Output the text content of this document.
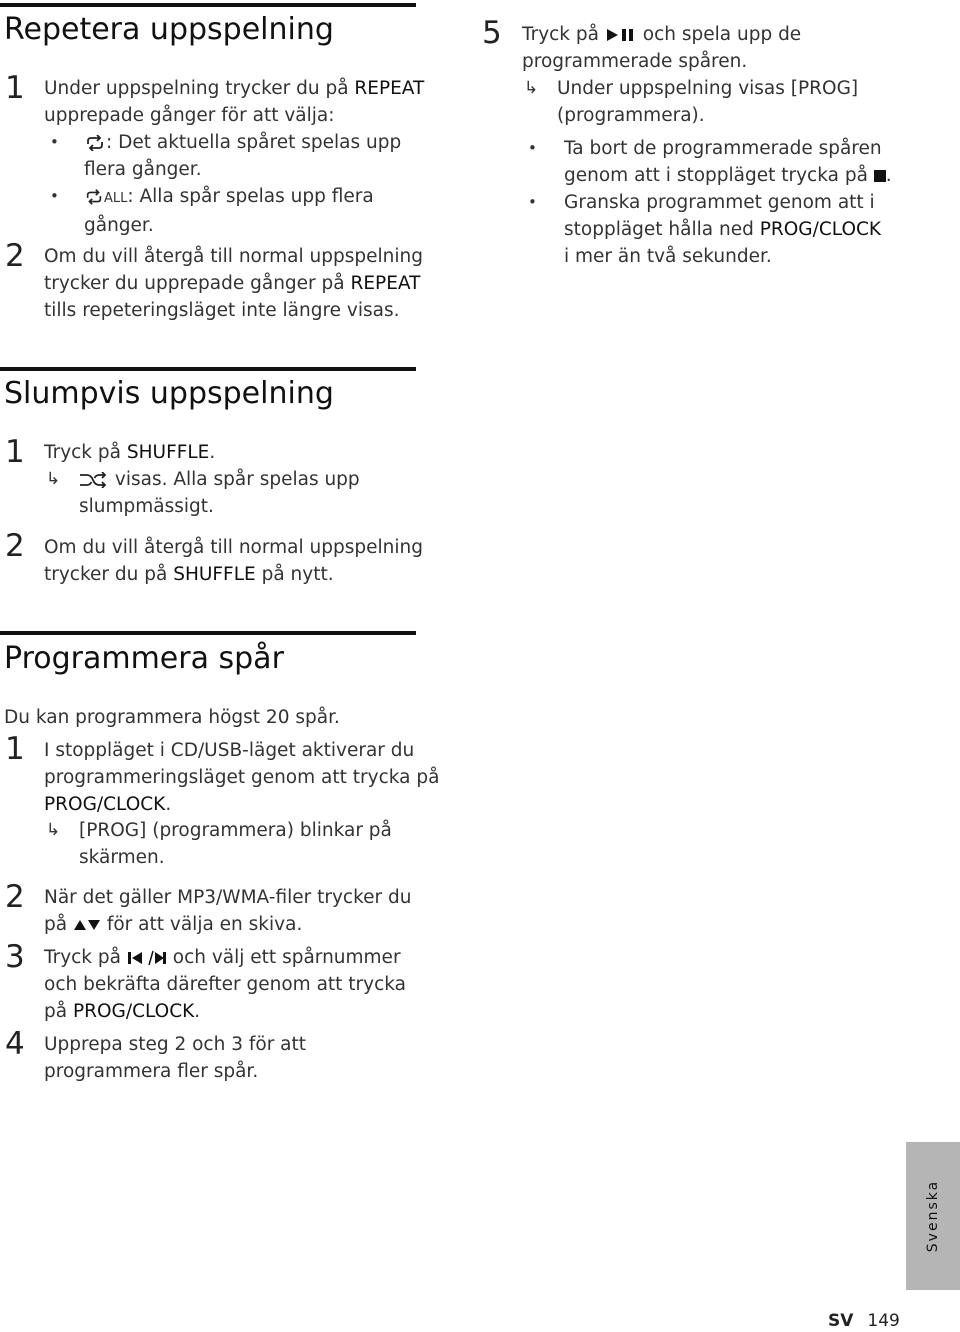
Repetera uppspelning
1 Under uppspelning trycker du på REPEAT
upprepade gånger för att välja:
•	: Det aktuella spåret spelas upp
flera gånger.
•	ALL: Alla spår spelas upp flera
gånger.
2 Om du vill återgå till normal uppspelning
trycker du upprepade gånger på REPEAT
tills repeteringsläget inte längre visas.
5 Tryck på  och spela upp de
programmerade spåren.
↳ Under uppspelning visas [PROG]
(programmera).
• Ta bort de programmerade spåren
genom att i stoppläget trycka på .
• Granska programmet genom att i
stoppläget hålla ned PROG/CLOCK
i mer än två sekunder.
Slumpvis uppspelning
1 Tryck på SHUFFLE.
↳	visas. Alla spår spelas upp
slumpmässigt.
2 Om du vill återgå till normal uppspelning
trycker du på SHUFFLE på nytt.
Programmera spår
Du kan programmera högst 20 spår.
1 I stoppläget i CD/USB-läget aktiverar du
programmeringsläget genom att trycka på
PROG/CLOCK.
↳ [PROG] (programmera) blinkar på
skärmen.
2 När det gäller MP3/WMA-filer trycker du
på  för att välja en skiva.
3 Tryck på  och välj ett spårnummer
och bekräfta därefter genom att trycka
på PROG/CLOCK.
4 Upprepa steg 2 och 3 för att
programmera fler spår.
Svenska
SV 149
